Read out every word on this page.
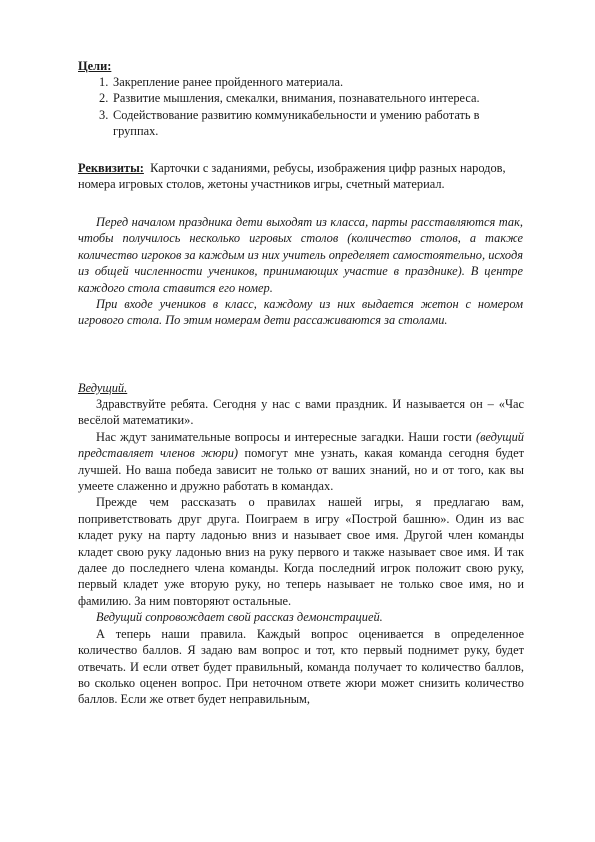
Цели:
1. Закрепление ранее пройденного материала.
2. Развитие мышления, смекалки, внимания, познавательного интереса.
3. Содействование развитию коммуникабельности и умению работать в группах.

Реквизиты: Карточки с заданиями, ребусы, изображения цифр разных народов, номера игровых столов, жетоны участников игры, счетный материал.

Перед началом праздника дети выходят из класса, парты расставляются так, чтобы получилось несколько игровых столов (количество столов, а также количество игроков за каждым из них учитель определяет самостоятельно, исходя из общей численности учеников, принимающих участие в празднике). В центре каждого стола ставится его номер.

При входе учеников в класс, каждому из них выдается жетон с номером игрового стола. По этим номерам дети рассаживаются за столами.

Ведущий.

Здравствуйте ребята. Сегодня у нас с вами праздник. И называется он – «Час весёлой математики».

Нас ждут занимательные вопросы и интересные загадки. Наши гости (ведущий представляет членов жюри) помогут мне узнать, какая команда сегодня будет лучшей. Но ваша победа зависит не только от ваших знаний, но и от того, как вы умеете слаженно и дружно работать в командах.

Прежде чем рассказать о правилах нашей игры, я предлагаю вам, поприветствовать друг друга. Поиграем в игру «Построй башню». Один из вас кладет руку на парту ладонью вниз и называет свое имя. Другой член команды кладет свою руку ладонью вниз на руку первого и также называет свое имя. И так далее до последнего члена команды. Когда последний игрок положит свою руку, первый кладет уже вторую руку, но теперь называет не только свое имя, но и фамилию. За ним повторяют остальные.

Ведущий сопровождает свой рассказ демонстрацией.

А теперь наши правила. Каждый вопрос оценивается в определенное количество баллов. Я задаю вам вопрос и тот, кто первый поднимет руку, будет отвечать. И если ответ будет правильный, команда получает то количество баллов, во сколько оценен вопрос. При неточном ответе жюри может снизить количество баллов. Если же ответ будет неправильным,
